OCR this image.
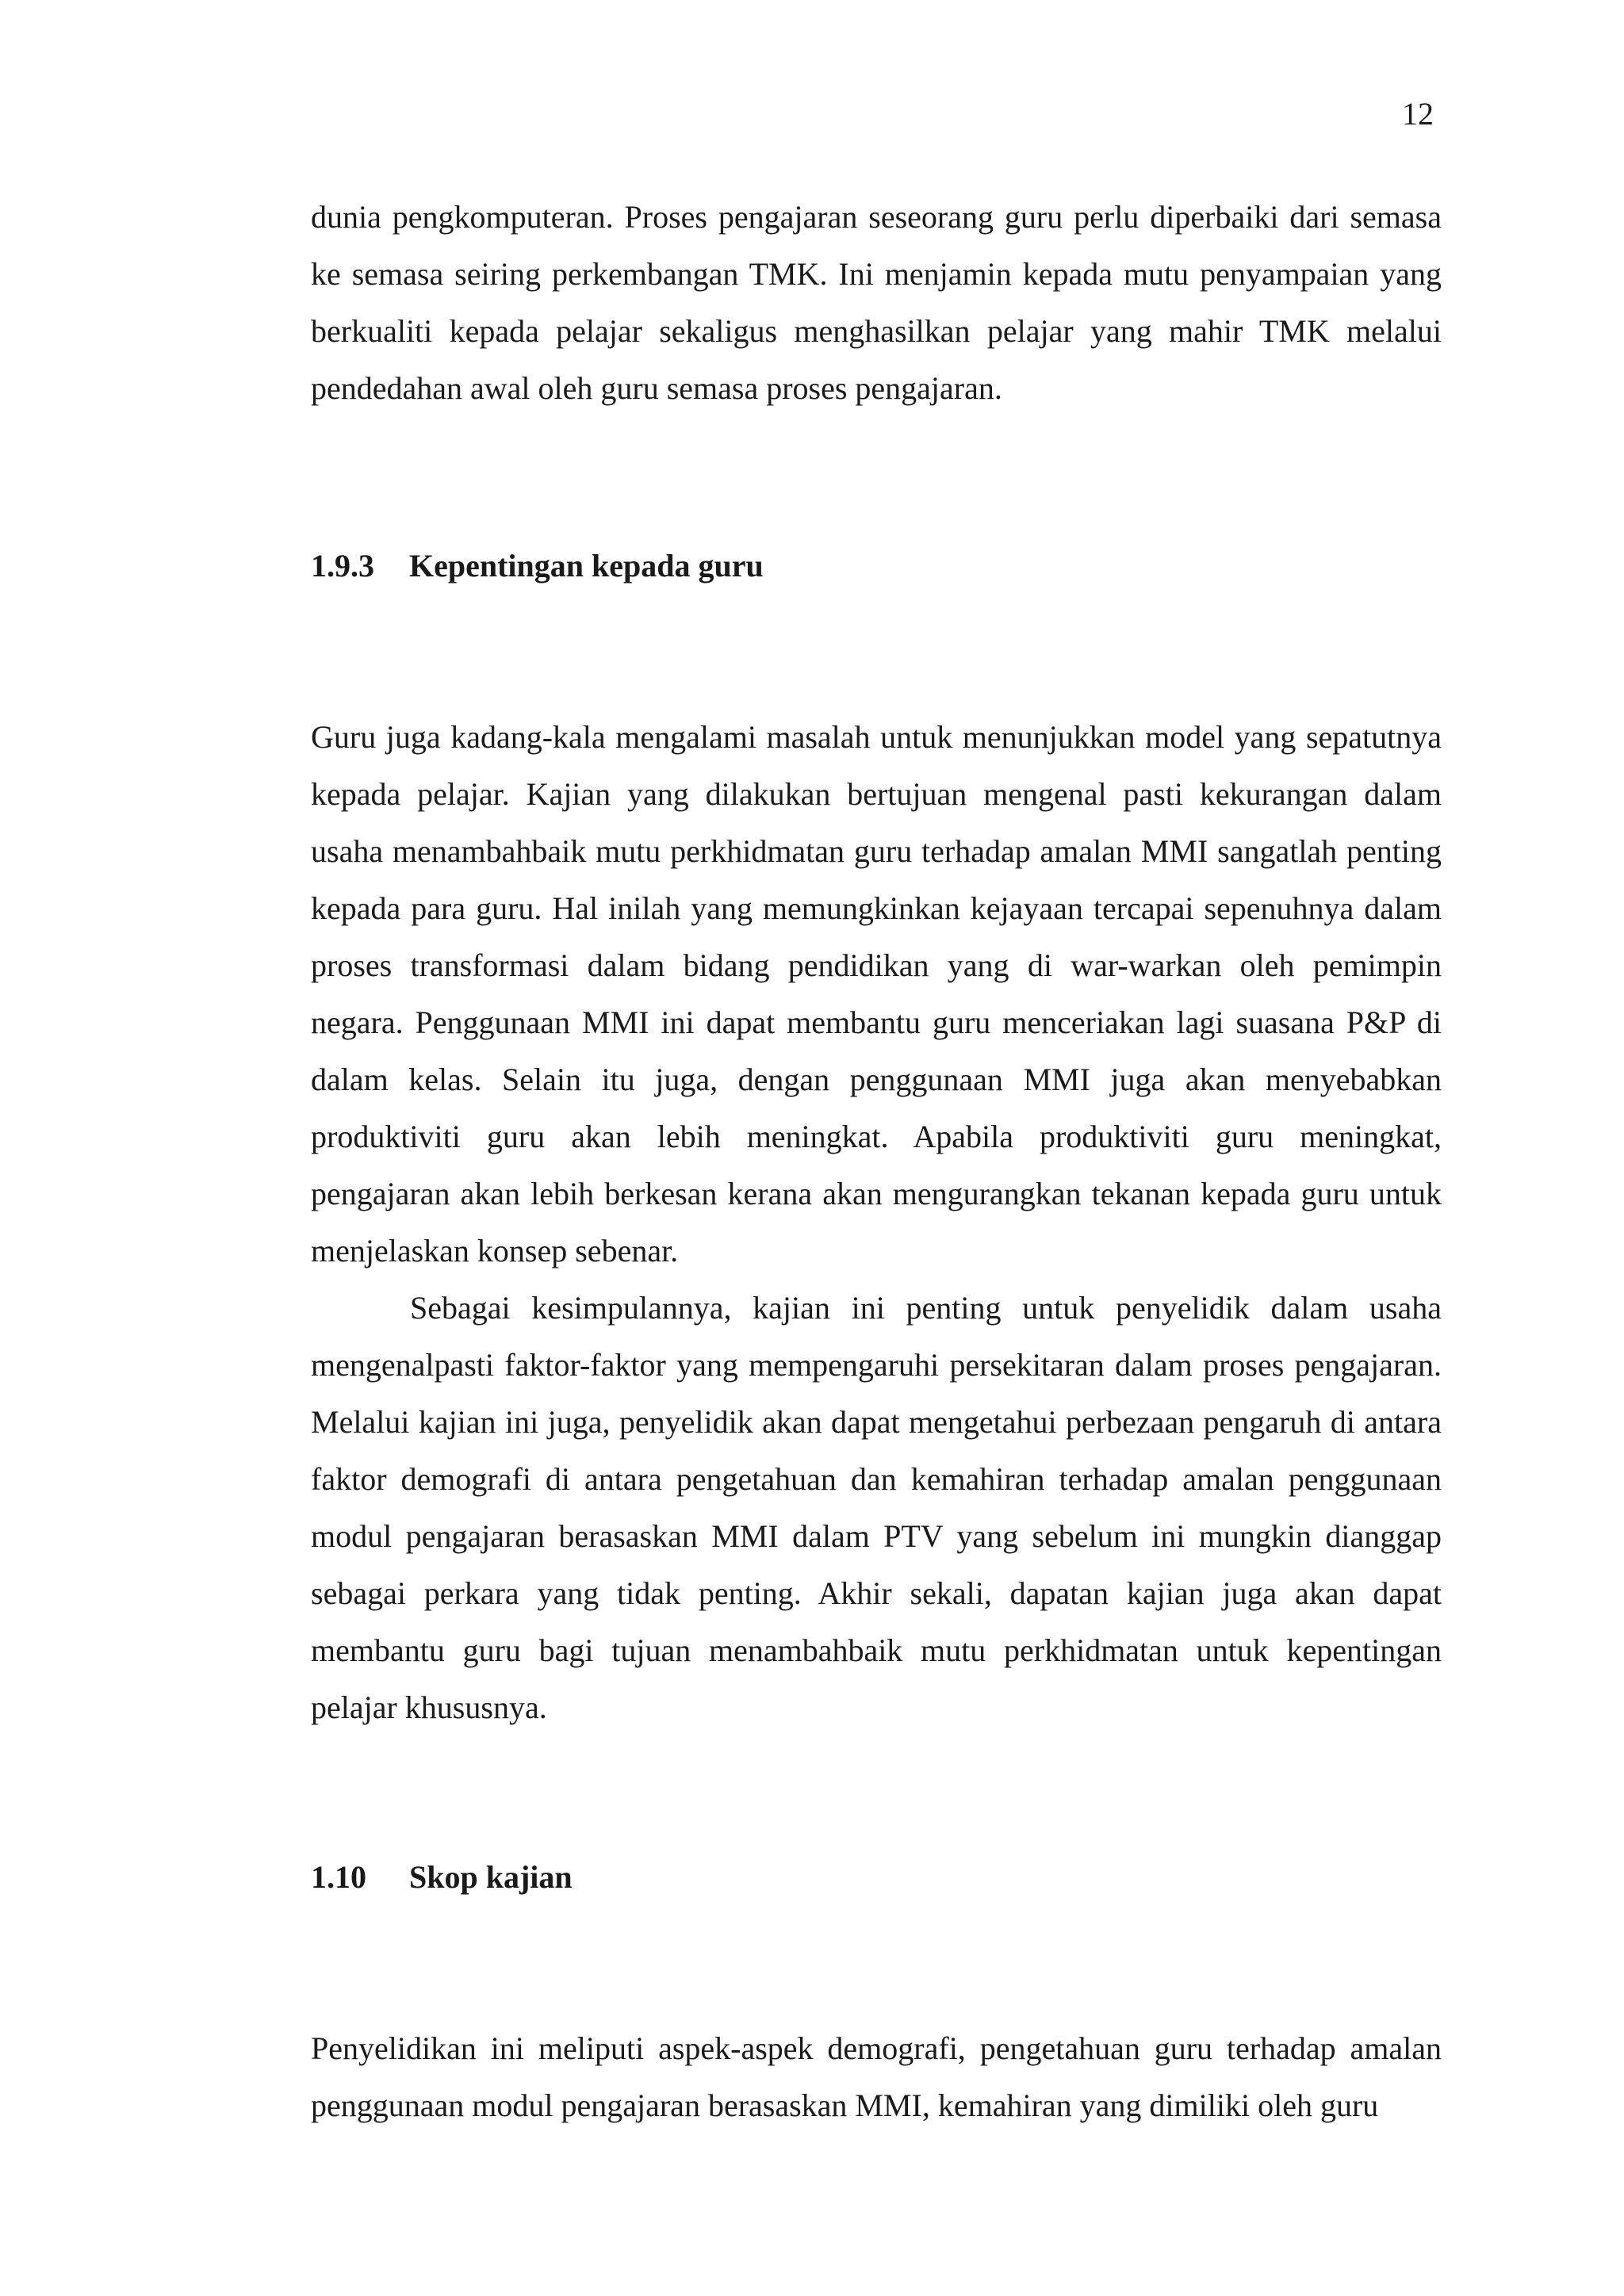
12

dunia pengkomputeran. Proses pengajaran seseorang guru perlu diperbaiki dari semasa ke semasa seiring perkembangan TMK. Ini menjamin kepada mutu penyampaian yang berkualiti kepada pelajar sekaligus menghasilkan pelajar yang mahir TMK melalui pendedahan awal oleh guru semasa proses pengajaran.

1.9.3	Kepentingan kepada guru

Guru juga kadang-kala mengalami masalah untuk menunjukkan model yang sepatutnya kepada pelajar. Kajian yang dilakukan bertujuan mengenal pasti kekurangan dalam usaha menambahbaik mutu perkhidmatan guru terhadap amalan MMI sangatlah penting kepada para guru. Hal inilah yang memungkinkan kejayaan tercapai sepenuhnya dalam proses transformasi dalam bidang pendidikan yang di war-warkan oleh pemimpin negara. Penggunaan MMI ini dapat membantu guru menceriakan lagi suasana P&P di dalam kelas. Selain itu juga, dengan penggunaan MMI juga akan menyebabkan produktiviti guru akan lebih meningkat. Apabila produktiviti guru meningkat, pengajaran akan lebih berkesan kerana akan mengurangkan tekanan kepada guru untuk menjelaskan konsep sebenar.

Sebagai kesimpulannya, kajian ini penting untuk penyelidik dalam usaha mengenalpasti faktor-faktor yang mempengaruhi persekitaran dalam proses pengajaran. Melalui kajian ini juga, penyelidik akan dapat mengetahui perbezaan pengaruh di antara faktor demografi di antara pengetahuan dan kemahiran terhadap amalan penggunaan modul pengajaran berasaskan MMI dalam PTV yang sebelum ini mungkin dianggap sebagai perkara yang tidak penting. Akhir sekali, dapatan kajian juga akan dapat membantu guru bagi tujuan menambahbaik mutu perkhidmatan untuk kepentingan pelajar khususnya.

1.10	Skop kajian

Penyelidikan ini meliputi aspek-aspek demografi, pengetahuan guru terhadap amalan penggunaan modul pengajaran berasaskan MMI, kemahiran yang dimiliki oleh guru
